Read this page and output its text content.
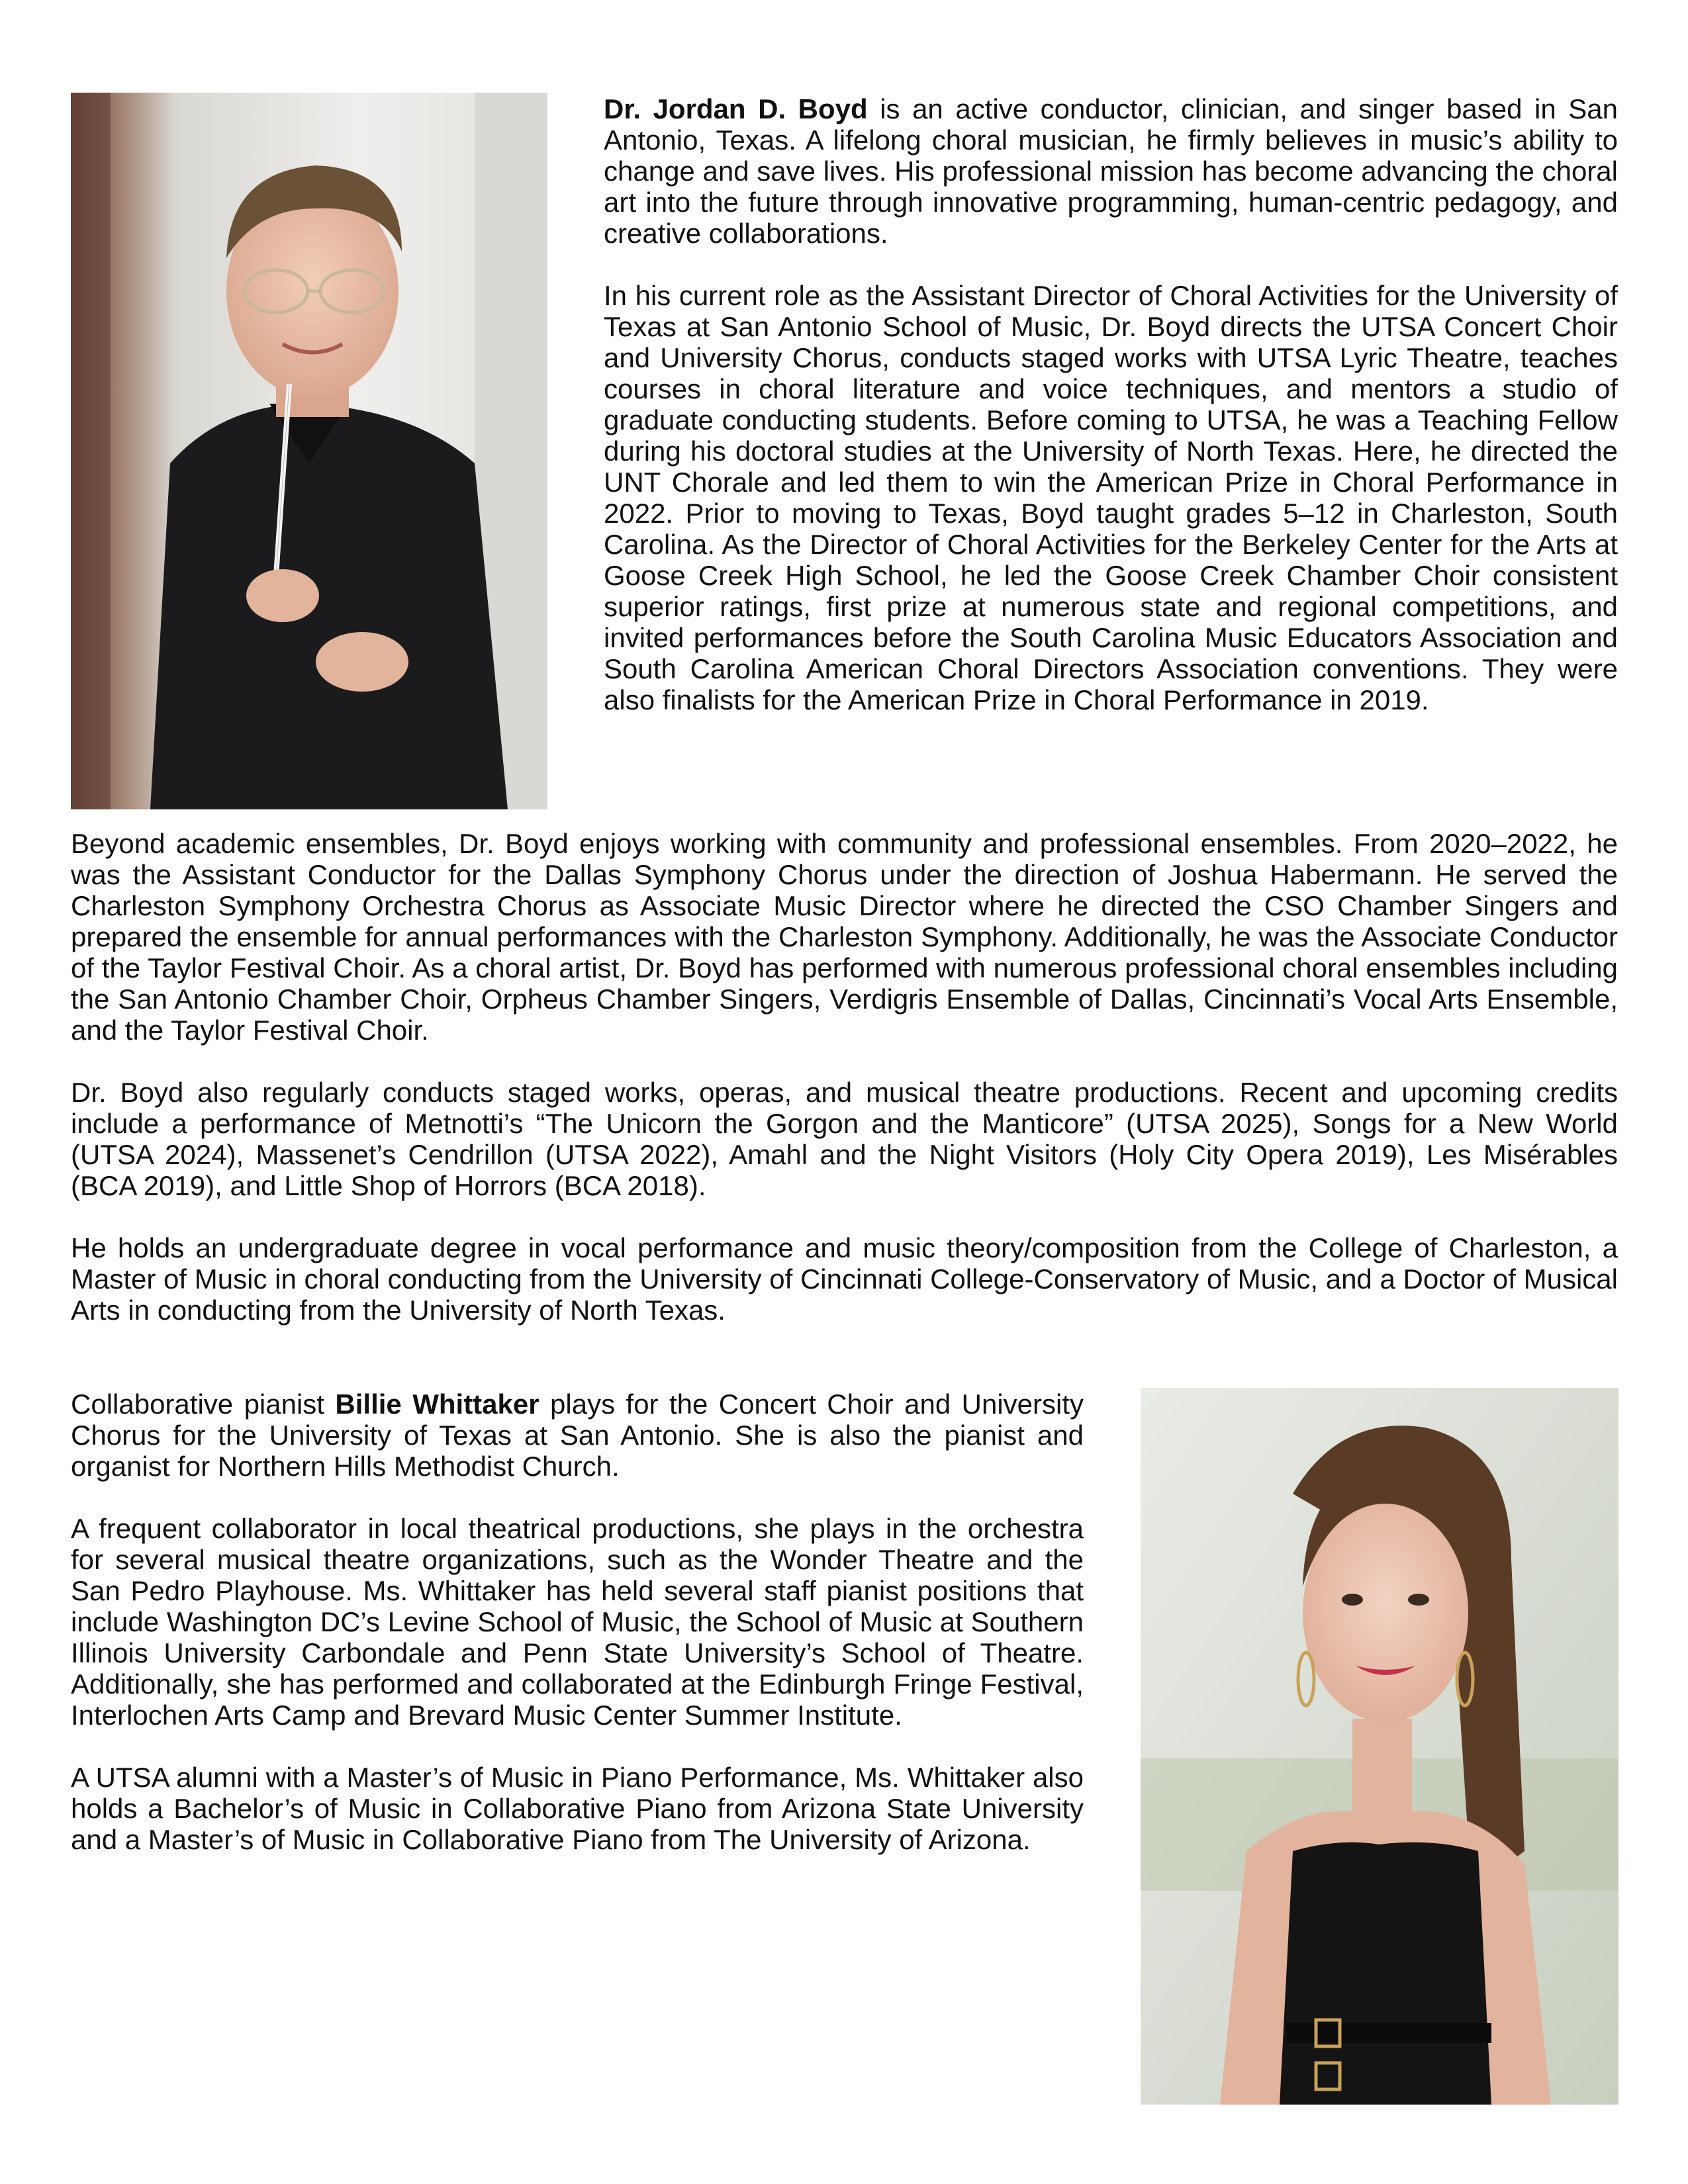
Dr. Jordan D. Boyd is an active conductor, clinician, and singer based in San Antonio, Texas. A lifelong choral musician, he firmly believes in music’s ability to change and save lives. His professional mission has become advancing the choral art into the future through innovative programming, human-centric pedagogy, and creative collaborations.

In his current role as the Assistant Director of Choral Activities for the University of Texas at San Antonio School of Music, Dr. Boyd directs the UTSA Concert Choir and University Chorus, conducts staged works with UTSA Lyric Theatre, teaches courses in choral literature and voice techniques, and mentors a studio of graduate conducting students. Before coming to UTSA, he was a Teaching Fellow during his doctoral studies at the University of North Texas. Here, he directed the UNT Chorale and led them to win the American Prize in Choral Performance in 2022. Prior to moving to Texas, Boyd taught grades 5–12 in Charleston, South Carolina. As the Director of Choral Activities for the Berkeley Center for the Arts at Goose Creek High School, he led the Goose Creek Chamber Choir consistent superior ratings, first prize at numerous state and regional competitions, and invited performances before the South Carolina Music Educators Association and South Carolina American Choral Directors Association conventions. They were also finalists for the American Prize in Choral Performance in 2019.

Beyond academic ensembles, Dr. Boyd enjoys working with community and professional ensembles. From 2020–2022, he was the Assistant Conductor for the Dallas Symphony Chorus under the direction of Joshua Habermann. He served the Charleston Symphony Orchestra Chorus as Associate Music Director where he directed the CSO Chamber Singers and prepared the ensemble for annual performances with the Charleston Symphony. Additionally, he was the Associate Conductor of the Taylor Festival Choir. As a choral artist, Dr. Boyd has performed with numerous professional choral ensembles including the San Antonio Chamber Choir, Orpheus Chamber Singers, Verdigris Ensemble of Dallas, Cincinnati’s Vocal Arts Ensemble, and the Taylor Festival Choir.

Dr. Boyd also regularly conducts staged works, operas, and musical theatre productions. Recent and upcoming credits include a performance of Metnotti’s “The Unicorn the Gorgon and the Manticore” (UTSA 2025), Songs for a New World (UTSA 2024), Massenet’s Cendrillon (UTSA 2022), Amahl and the Night Visitors (Holy City Opera 2019), Les Misérables (BCA 2019), and Little Shop of Horrors (BCA 2018).

He holds an undergraduate degree in vocal performance and music theory/composition from the College of Charleston, a Master of Music in choral conducting from the University of Cincinnati College-Conservatory of Music, and a Doctor of Musical Arts in conducting from the University of North Texas.

Collaborative pianist Billie Whittaker plays for the Concert Choir and University Chorus for the University of Texas at San Antonio. She is also the pianist and organist for Northern Hills Methodist Church.

A frequent collaborator in local theatrical productions, she plays in the orchestra for several musical theatre organizations, such as the Wonder Theatre and the San Pedro Playhouse. Ms. Whittaker has held several staff pianist positions that include Washington DC’s Levine School of Music, the School of Music at Southern Illinois University Carbondale and Penn State University’s School of Theatre. Additionally, she has performed and collaborated at the Edinburgh Fringe Festival, Interlochen Arts Camp and Brevard Music Center Summer Institute.

A UTSA alumni with a Master’s of Music in Piano Performance, Ms. Whittaker also holds a Bachelor’s of Music in Collaborative Piano from Arizona State University and a Master’s of Music in Collaborative Piano from The University of Arizona.
